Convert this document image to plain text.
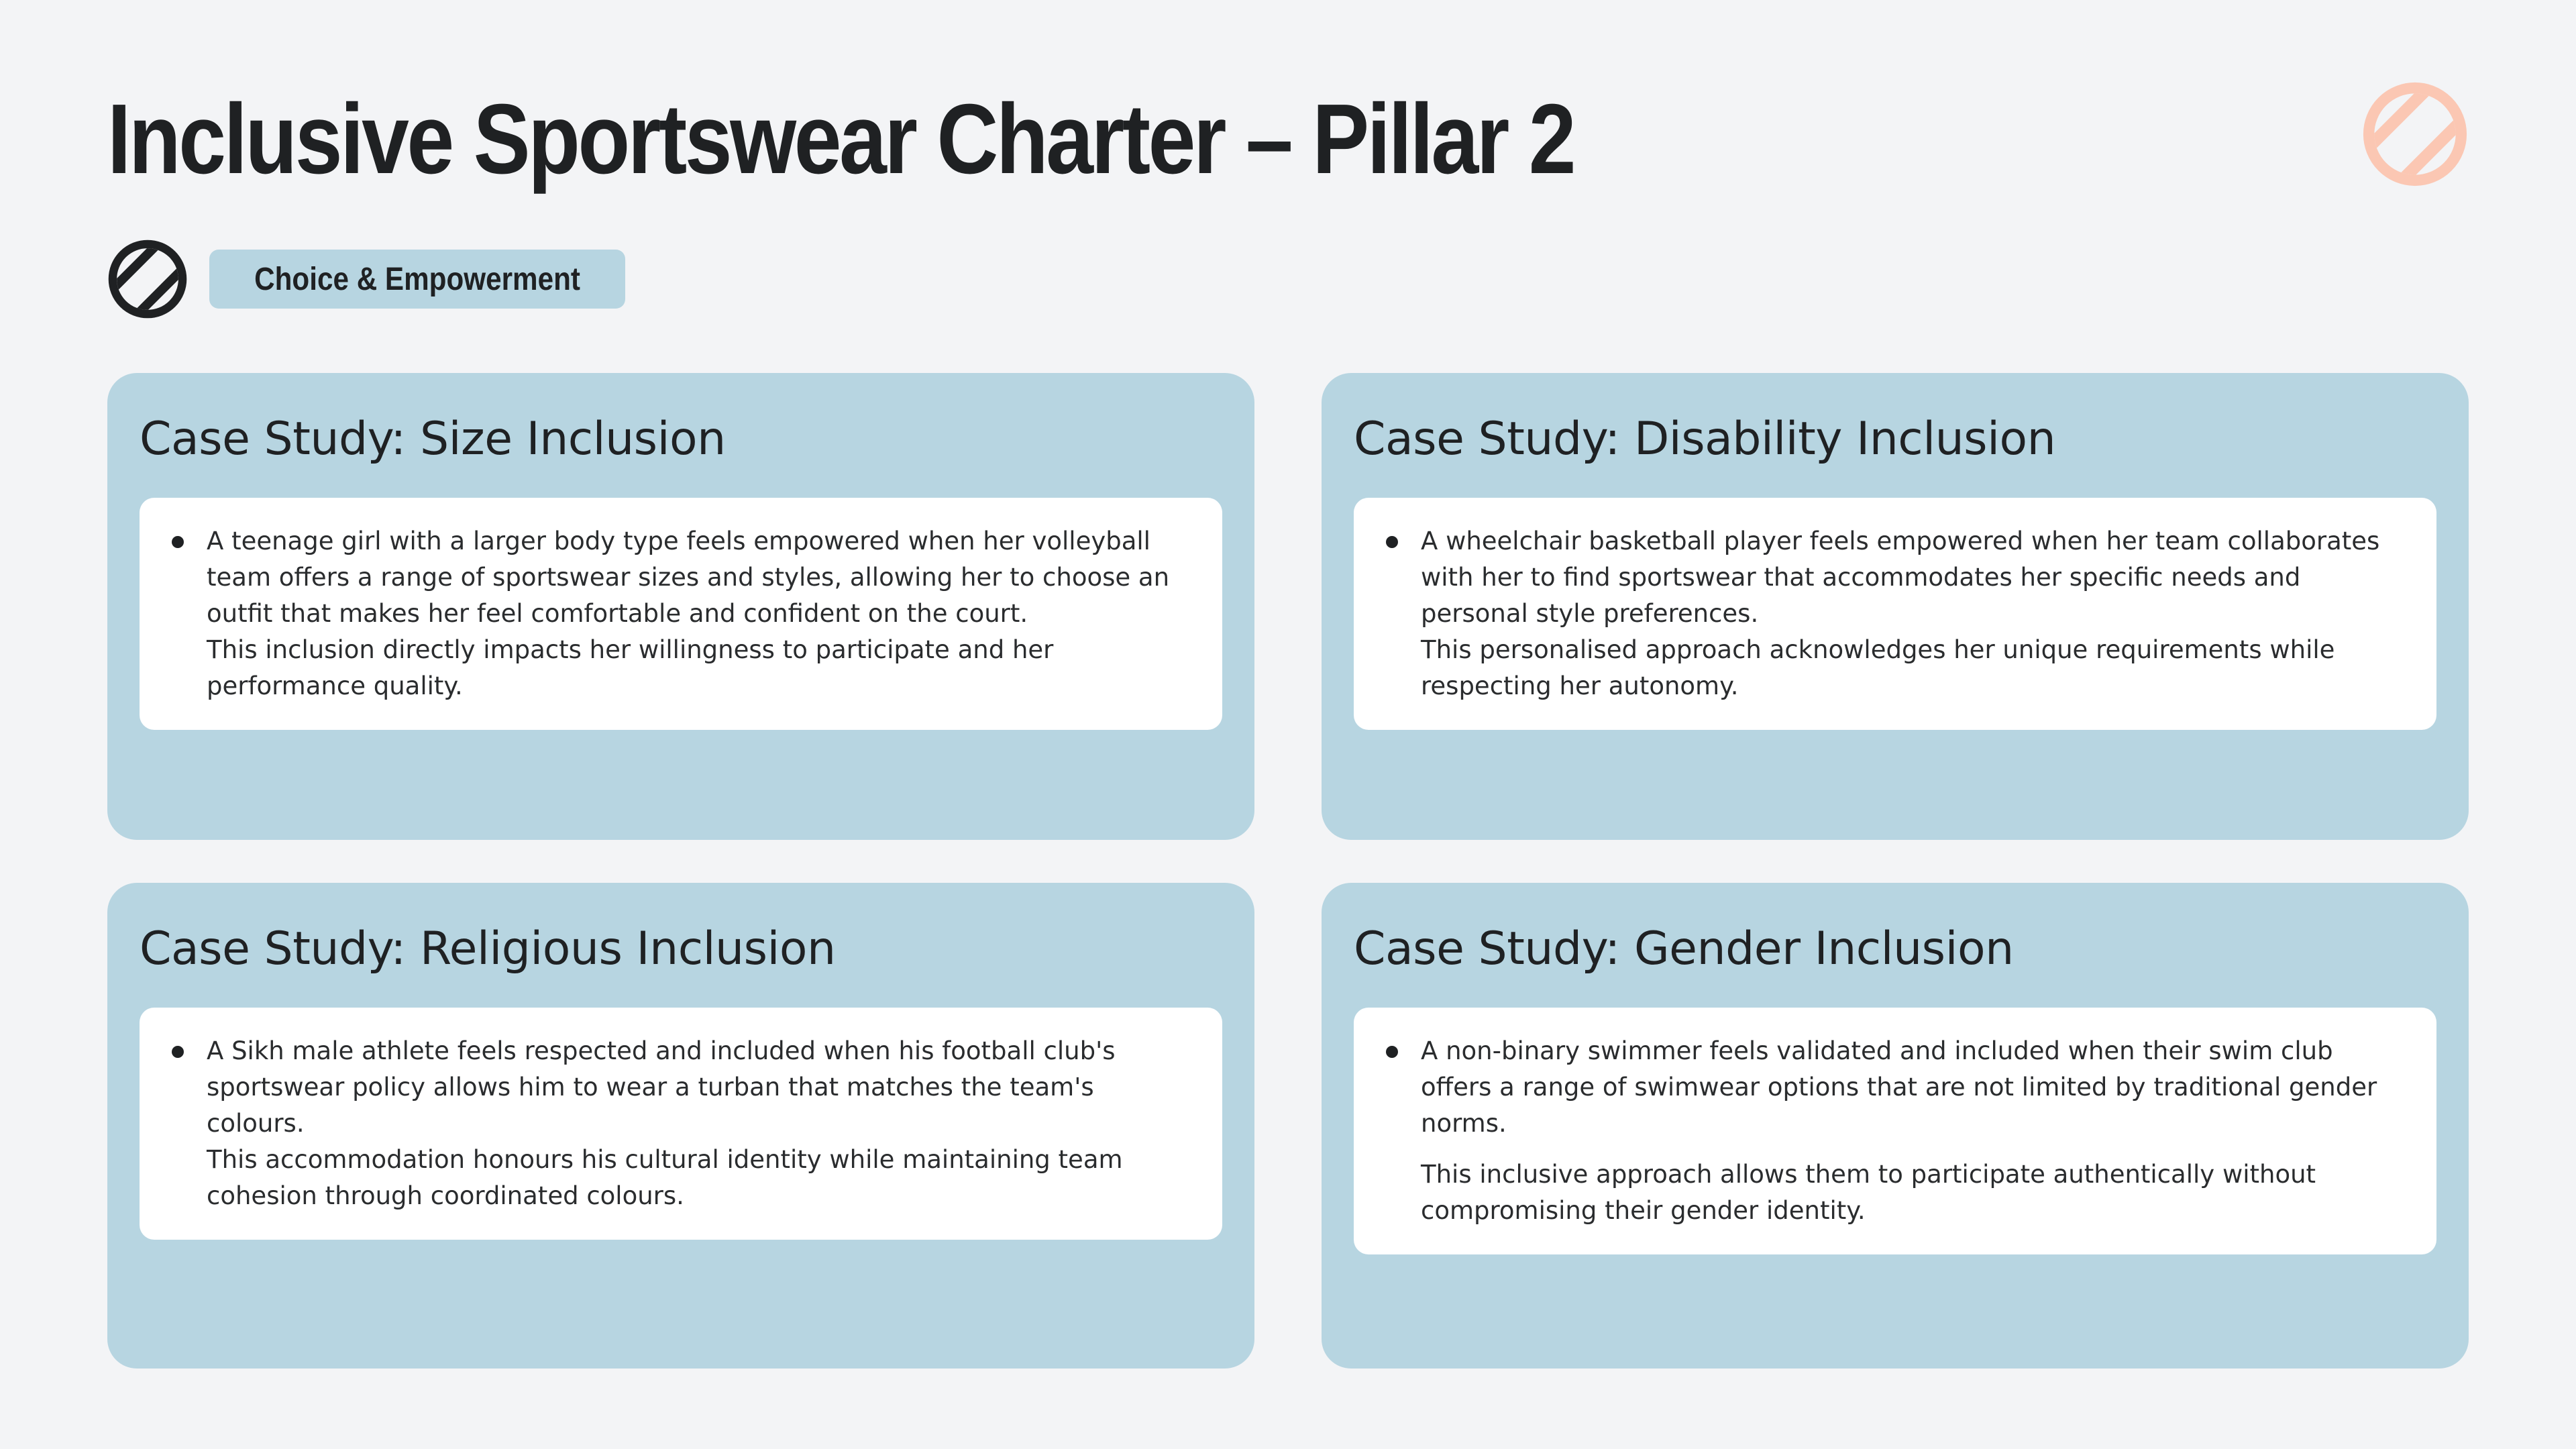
Inclusive Sportswear Charter – Pillar 2
Choice & Empowerment
Case Study: Size Inclusion

A teenage girl with a larger body type feels empowered when her volleyball team offers a range of sportswear sizes and styles, allowing her to choose an outfit that makes her feel comfortable and confident on the court.

This inclusion directly impacts her willingness to participate and her performance quality.

Case Study: Disability Inclusion

A wheelchair basketball player feels empowered when her team collaborates with her to find sportswear that accommodates her specific needs and personal style preferences.

This personalised approach acknowledges her unique requirements while respecting her autonomy.

Case Study: Religious Inclusion

A Sikh male athlete feels respected and included when his football club's sportswear policy allows him to wear a turban that matches the team's colours.

This accommodation honours his cultural identity while maintaining team cohesion through coordinated colours.

Case Study: Gender Inclusion

A non-binary swimmer feels validated and included when their swim club offers a range of swimwear options that are not limited by traditional gender norms.

This inclusive approach allows them to participate authentically without compromising their gender identity.
